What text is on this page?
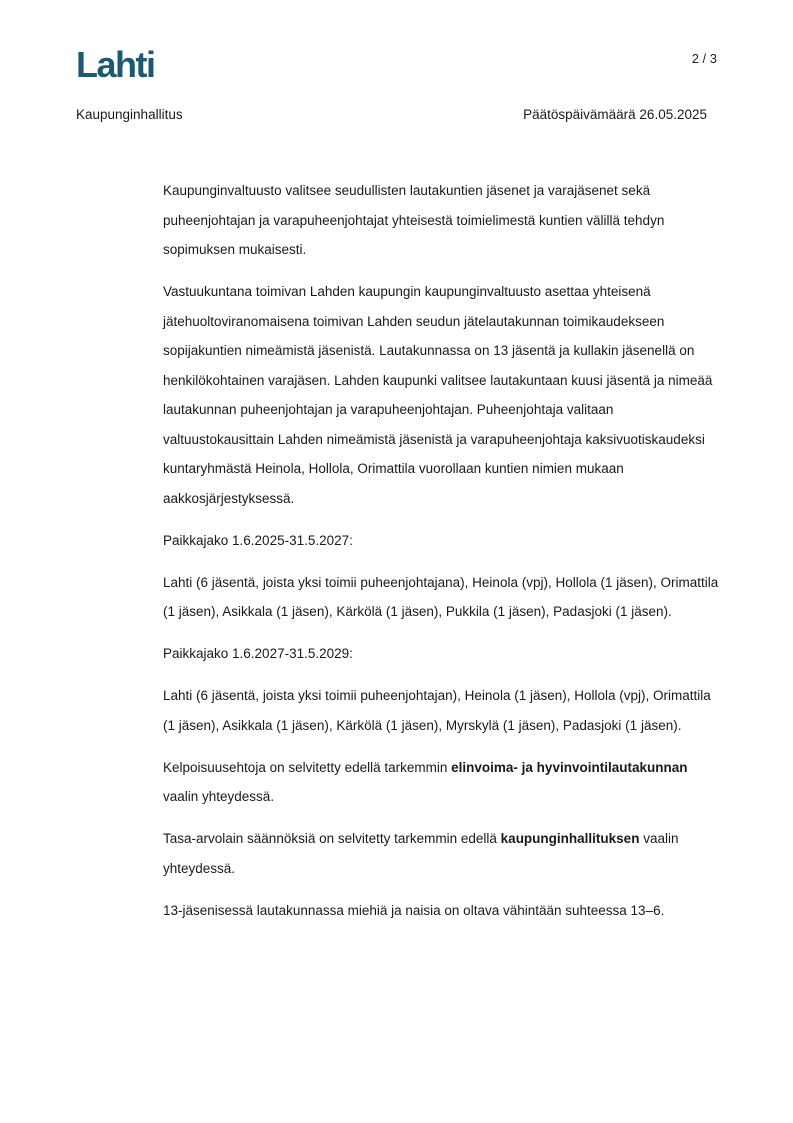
Lahti	2 / 3
Kaupunginhallitus	Päätöspäivämäärä 26.05.2025

Kaupunginvaltuusto valitsee seudullisten lautakuntien jäsenet ja varajäsenet sekä puheenjohtajan ja varapuheenjohtajat yhteisestä toimielimestä kuntien välillä tehdyn sopimuksen mukaisesti.

Vastuukuntana toimivan Lahden kaupungin kaupunginvaltuusto asettaa yhteisenä jätehuoltoviranomaisena toimivan Lahden seudun jätelautakunnan toimikaudekseen sopijakuntien nimeämistä jäsenistä. Lautakunnassa on 13 jäsentä ja kullakin jäsenellä on henkilökohtainen varajäsen. Lahden kaupunki valitsee lautakuntaan kuusi jäsentä ja nimeää lautakunnan puheenjohtajan ja varapuheenjohtajan. Puheenjohtaja valitaan valtuustokausittain Lahden nimeämistä jäsenistä ja varapuheenjohtaja kaksivuotiskaudeksi kuntaryhmästä Heinola, Hollola, Orimattila vuorollaan kuntien nimien mukaan aakkosjärjestyksessä.

Paikkajako 1.6.2025-31.5.2027:

Lahti (6 jäsentä, joista yksi toimii puheenjohtajana), Heinola (vpj), Hollola (1 jäsen), Orimattila (1 jäsen), Asikkala (1 jäsen), Kärkölä (1 jäsen), Pukkila (1 jäsen), Padasjoki (1 jäsen).

Paikkajako 1.6.2027-31.5.2029:

Lahti (6 jäsentä, joista yksi toimii puheenjohtajan), Heinola (1 jäsen), Hollola (vpj), Orimattila (1 jäsen), Asikkala (1 jäsen), Kärkölä (1 jäsen), Myrskylä (1 jäsen), Padasjoki (1 jäsen).

Kelpoisuusehtoja on selvitetty edellä tarkemmin elinvoima- ja hyvinvointilautakunnan vaalin yhteydessä.

Tasa-arvolain säännöksiä on selvitetty tarkemmin edellä kaupunginhallituksen vaalin yhteydessä.

13-jäsenisessä lautakunnassa miehiä ja naisia on oltava vähintään suhteessa 13–6.
